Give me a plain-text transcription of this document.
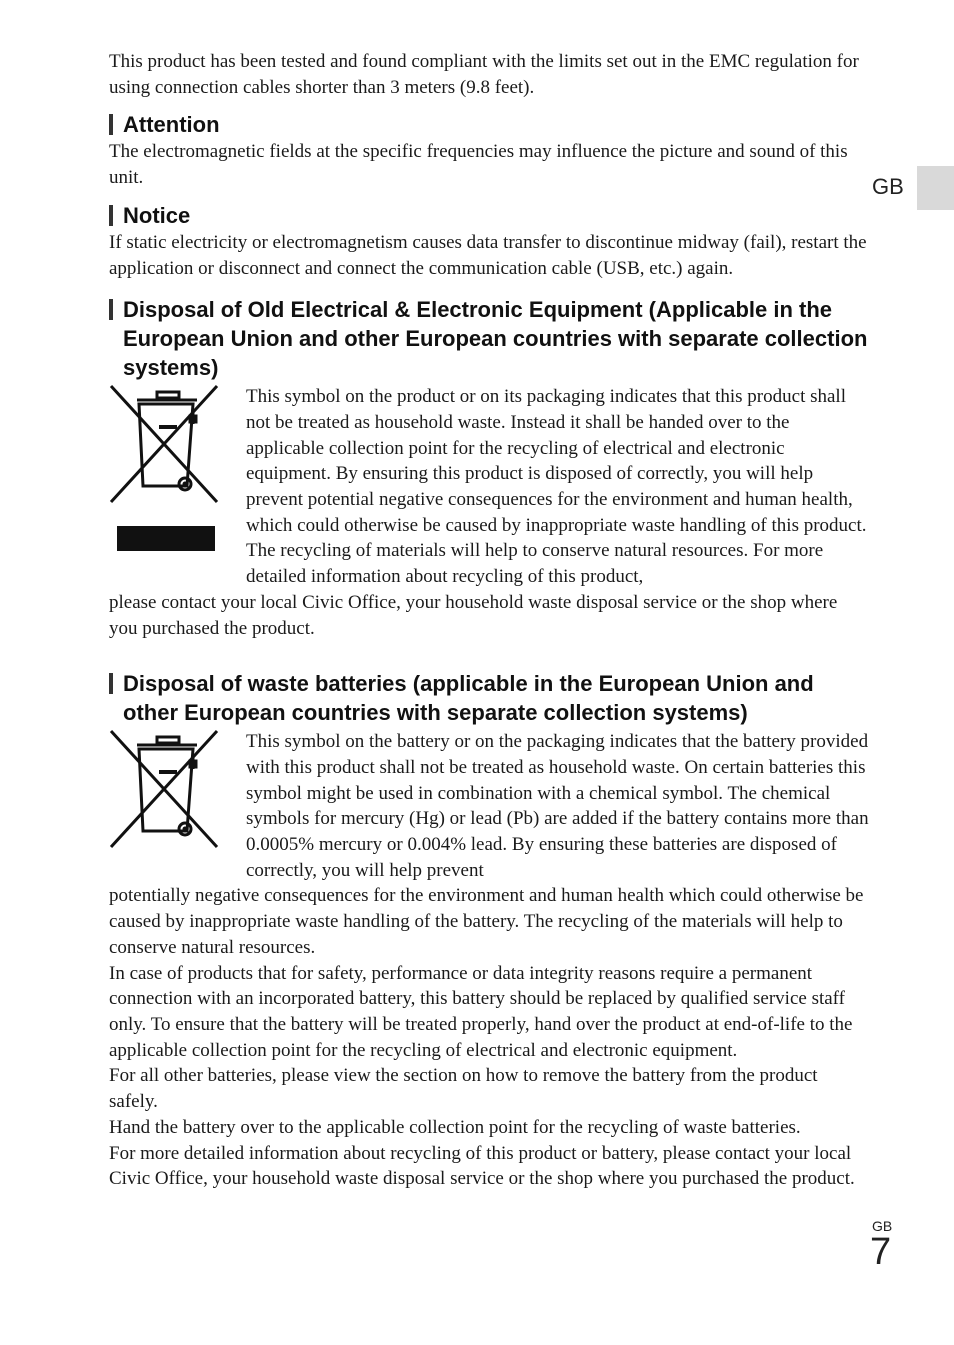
GB

This product has been tested and found compliant with the limits set out in the EMC regulation for using connection cables shorter than 3 meters (9.8 feet).

Attention

The electromagnetic fields at the specific frequencies may influence the picture and sound of this unit.

Notice

If static electricity or electromagnetism causes data transfer to discontinue midway (fail), restart the application or disconnect and connect the communication cable (USB, etc.) again.

Disposal of Old Electrical & Electronic Equipment (Applicable in the European Union and other European countries with separate collection systems)

This symbol on the product or on its packaging indicates that this product shall not be treated as household waste. Instead it shall be handed over to the applicable collection point for the recycling of electrical and electronic equipment. By ensuring this product is disposed of correctly, you will help prevent potential negative consequences for the environment and human health, which could otherwise be caused by inappropriate waste handling of this product. The recycling of materials will help to conserve natural resources. For more detailed information about recycling of this product,

please contact your local Civic Office, your household waste disposal service or the shop where you purchased the product.

Disposal of waste batteries (applicable in the European Union and other European countries with separate collection systems)

This symbol on the battery or on the packaging indicates that the battery provided with this product shall not be treated as household waste. On certain batteries this symbol might be used in combination with a chemical symbol. The chemical symbols for mercury (Hg) or lead (Pb) are added if the battery contains more than 0.0005% mercury or 0.004% lead. By ensuring these batteries are disposed of correctly, you will help prevent

potentially negative consequences for the environment and human health which could otherwise be caused by inappropriate waste handling of the battery. The recycling of the materials will help to conserve natural resources.

In case of products that for safety, performance or data integrity reasons require a permanent connection with an incorporated battery, this battery should be replaced by qualified service staff only. To ensure that the battery will be treated properly, hand over the product at end-of-life to the applicable collection point for the recycling of electrical and electronic equipment.

For all other batteries, please view the section on how to remove the battery from the product safely.

Hand the battery over to the applicable collection point for the recycling of waste batteries.

For more detailed information about recycling of this product or battery, please contact your local Civic Office, your household waste disposal service or the shop where you purchased the product.

GB
7
